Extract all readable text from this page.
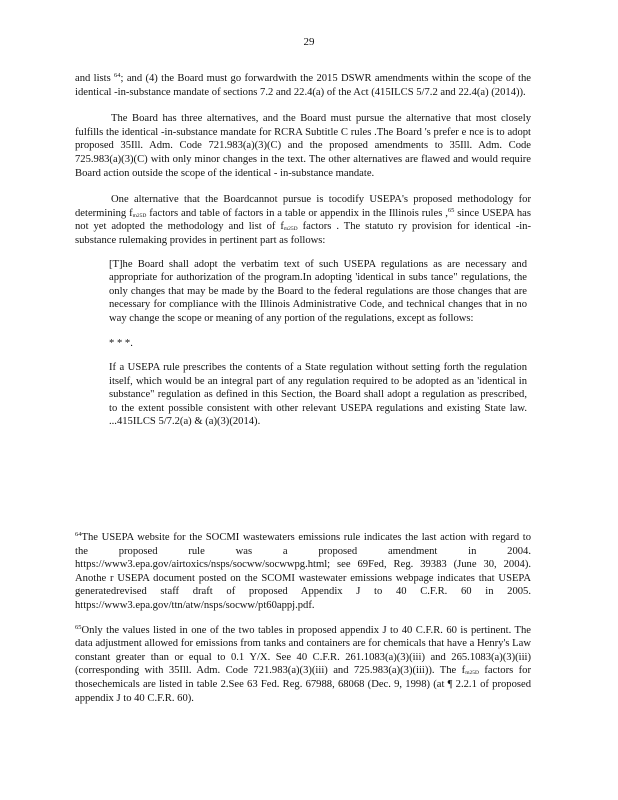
29

and lists $^{64}$; and (4) the Board must go forwardwith the 2015 DSWR amendments within the scope of the identical -in-substance mandate of sections 7.2 and 22.4(a) of the Act (415ILCS 5/7.2 and 22.4(a) (2014)).

The Board has three alternatives, and the Board must pursue the alternative that most closely fulfills the identical -in-substance mandate for RCRA Subtitle C rules .The Board 's prefer e nce is to adopt proposed 35Ill. Adm. Code 721.983(a)(3)(C) and the proposed amendments to 35Ill. Adm. Code 725.983(a)(3)(C) with only minor changes in the text. The other alternatives are flawed and would require Board action outside the scope of the identical - in-substance mandate.

One alternative that the Boardcannot pursue is tocodify USEPA's proposed methodology for determining $f_{m25D}$ factors and table of factors in a table or appendix in the Illinois rules ,$^{65}$ since USEPA has not yet adopted the methodology and list of $f_{m25D}$ factors . The statuto ry provision for identical -in-substance rulemaking provides in pertinent part as follows:

[T]he Board shall adopt the verbatim text of such USEPA regulations as are necessary and appropriate for authorization of the program.In adopting 'identical in subs tance" regulations, the only changes that may be made by the Board to the federal regulations are those changes that are necessary for compliance with the Illinois Administrative Code, and technical changes that in no way change the scope or meaning of any portion of the regulations, except as follows:

* * *.

If a USEPA rule prescribes the contents of a State regulation without setting forth the regulation itself, which would be an integral part of any regulation required to be adopted as an 'identical in substance" regulation as defined in this Section, the Board shall adopt a regulation as prescribed, to the extent possible consistent with other relevant USEPA regulations and existing State law. ...415ILCS 5/7.2(a) & (a)(3)(2014).

$^{64}$The USEPA website for the SOCMI wastewaters emissions rule indicates the last action with regard to the proposed rule was a proposed amendment in 2004. https://www3.epa.gov/airtoxics/nsps/socww/socwwpg.html; see 69Fed, Reg. 39383 (June 30, 2004). Anothe r USEPA document posted on the SCOMI wastewater emissions webpage indicates that USEPA generatedrevised staff draft of proposed Appendix J to 40 C.F.R. 60 in 2005. https://www3.epa.gov/ttn/atw/nsps/socww/pt60appj.pdf.

$^{65}$Only the values listed in one of the two tables in proposed appendix J to 40 C.F.R. 60 is pertinent. The data adjustment allowed for emissions from tanks and containers are for chemicals that have a Henry's Law constant greater than or equal to 0.1 Y/X. See 40 C.F.R. 261.1083(a)(3)(iii) and 265.1083(a)(3)(iii) (corresponding with 35Ill. Adm. Code 721.983(a)(3)(iii) and 725.983(a)(3)(iii)). The $f_{m25D}$ factors for thosechemicals are listed in table 2.See 63 Fed. Reg. 67988, 68068 (Dec. 9, 1998) (at ¶ 2.2.1 of proposed appendix J to 40 C.F.R. 60).
